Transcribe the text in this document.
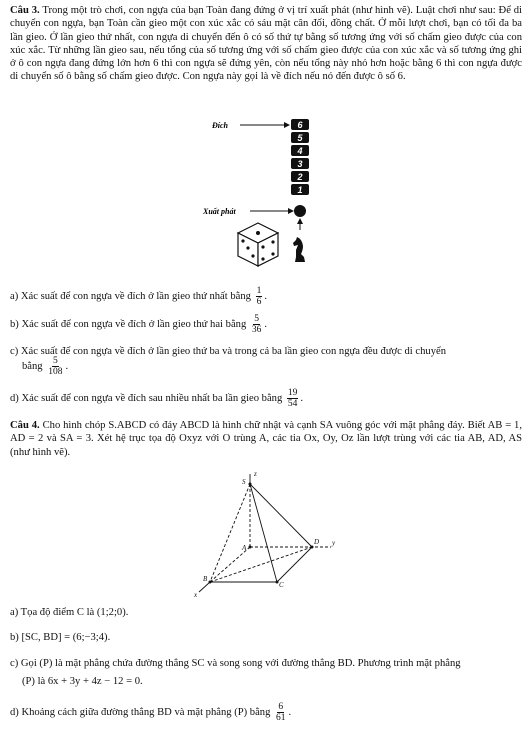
Câu 3. Trong một trò chơi, con ngựa của bạn Toàn đang đứng ở vị trí xuất phát (như hình vẽ). Luật chơi như sau: Để di chuyển con ngựa, bạn Toàn cần gieo một con xúc xắc có sáu mặt cân đối, đồng chất. Ở mỗi lượt chơi, bạn có tối đa ba lần gieo. Ở lần gieo thứ nhất, con ngựa di chuyển đến ô có số thứ tự bằng số tương ứng với số chấm gieo được của con xúc xắc. Từ những lần gieo sau, nếu tổng của số tương ứng với số chấm gieo được của con xúc xắc và số tương ứng ghi ở ô con ngựa đang đứng lớn hơn 6 thì con ngựa sẽ đứng yên, còn nếu tổng này nhỏ hơn hoặc bằng 6 thì con ngựa được di chuyển số ô bằng số chấm gieo được. Con ngựa này gọi là về đích nếu nó đến được ô số 6.
Đích	6
5
4
3
2
1
Xuất phát
a) Xác suất để con ngựa về đích ở lần gieo thứ nhất bằng $\frac{1}{6}$ .
b) Xác suất để con ngựa về đích ở lần gieo thứ hai bằng $\frac{5}{36}$ .
c) Xác suất để con ngựa về đích ở lần gieo thứ ba và trong cả ba lần gieo con ngựa đều được di chuyển
bằng $\frac{5}{108}$ .
d) Xác suất để con ngựa về đích sau nhiều nhất ba lần gieo bằng $\frac{19}{54}$ .
Câu 4. Cho hình chóp S.ABCD có đáy ABCD là hình chữ nhật và cạnh SA vuông góc với mặt phẳng đáy. Biết AB = 1, AD = 2 và SA = 3. Xét hệ trục tọa độ Oxyz với O trùng A, các tia Ox, Oy, Oz lần lượt trùng với các tia AB, AD, AS (như hình vẽ).
z
S
A
D y
B
C
x
a) Tọa độ điểm C là (1;2;0).
b) [SC, BD] = (6;−3;4).
c) Gọi (P) là mặt phẳng chứa đường thẳng SC và song song với đường thẳng BD. Phương trình mặt phẳng
(P) là 6x + 3y + 4z − 12 = 0.
d) Khoảng cách giữa đường thẳng BD và mặt phẳng (P) bằng $\frac{6}{61}$ .
